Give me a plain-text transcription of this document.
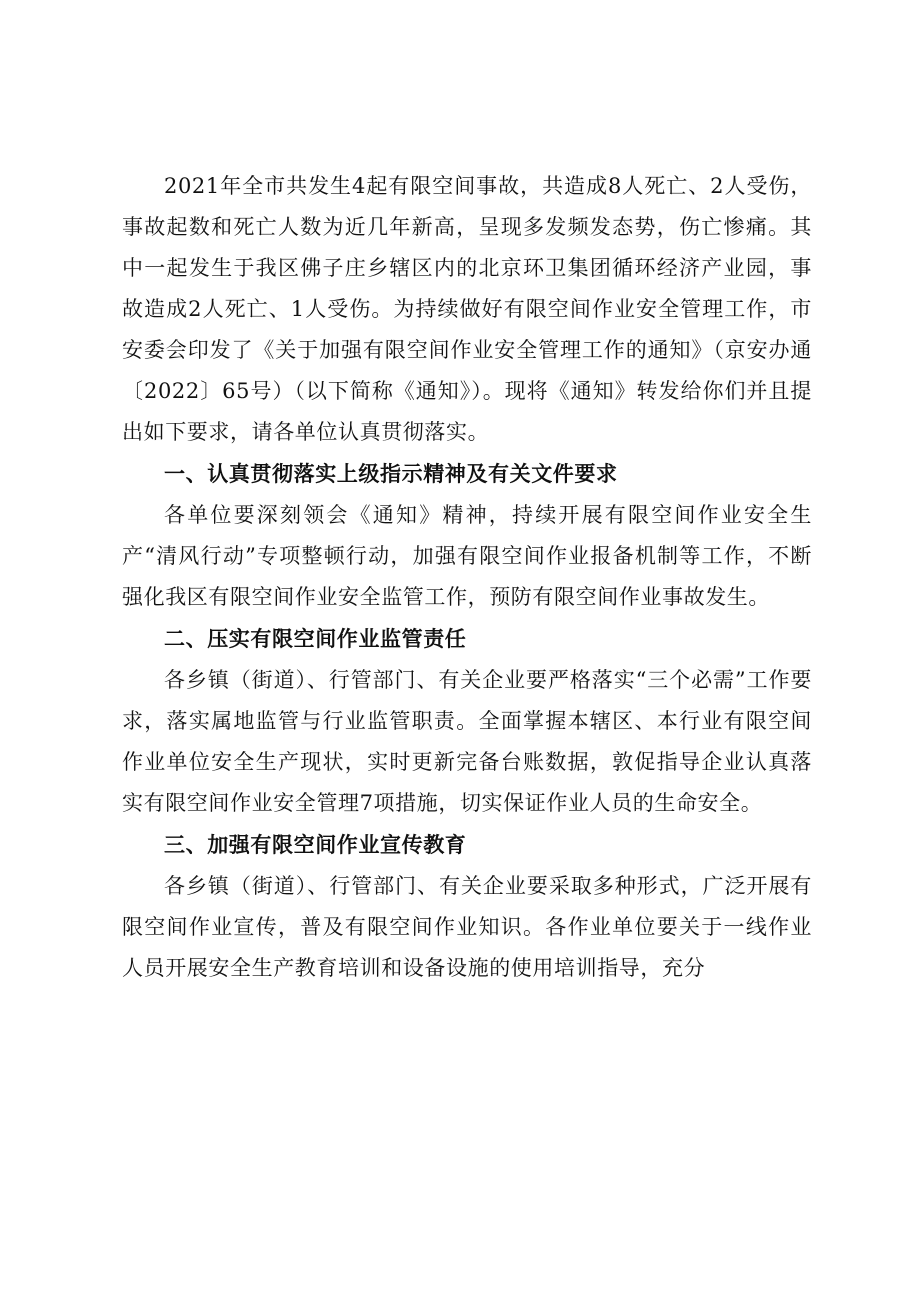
2021年全市共发生4起有限空间事故，共造成8人死亡、2人受伤，事故起数和死亡人数为近几年新高，呈现多发频发态势，伤亡惨痛。其中一起发生于我区佛子庄乡辖区内的北京环卫集团循环经济产业园，事故造成2人死亡、1人受伤。为持续做好有限空间作业安全管理工作，市安委会印发了《关于加强有限空间作业安全管理工作的通知》（京安办通〔2022〕65号）（以下简称《通知》）。现将《通知》转发给你们并且提出如下要求，请各单位认真贯彻落实。

一、认真贯彻落实上级指示精神及有关文件要求

各单位要深刻领会《通知》精神，持续开展有限空间作业安全生产“清风行动”专项整顿行动，加强有限空间作业报备机制等工作，不断强化我区有限空间作业安全监管工作，预防有限空间作业事故发生。

二、压实有限空间作业监管责任

各乡镇（街道）、行管部门、有关企业要严格落实“三个必需”工作要求，落实属地监管与行业监管职责。全面掌握本辖区、本行业有限空间作业单位安全生产现状，实时更新完备台账数据，敦促指导企业认真落实有限空间作业安全管理7项措施，切实保证作业人员的生命安全。

三、加强有限空间作业宣传教育

各乡镇（街道）、行管部门、有关企业要采取多种形式，广泛开展有限空间作业宣传，普及有限空间作业知识。各作业单位要关于一线作业人员开展安全生产教育培训和设备设施的使用培训指导，充分
